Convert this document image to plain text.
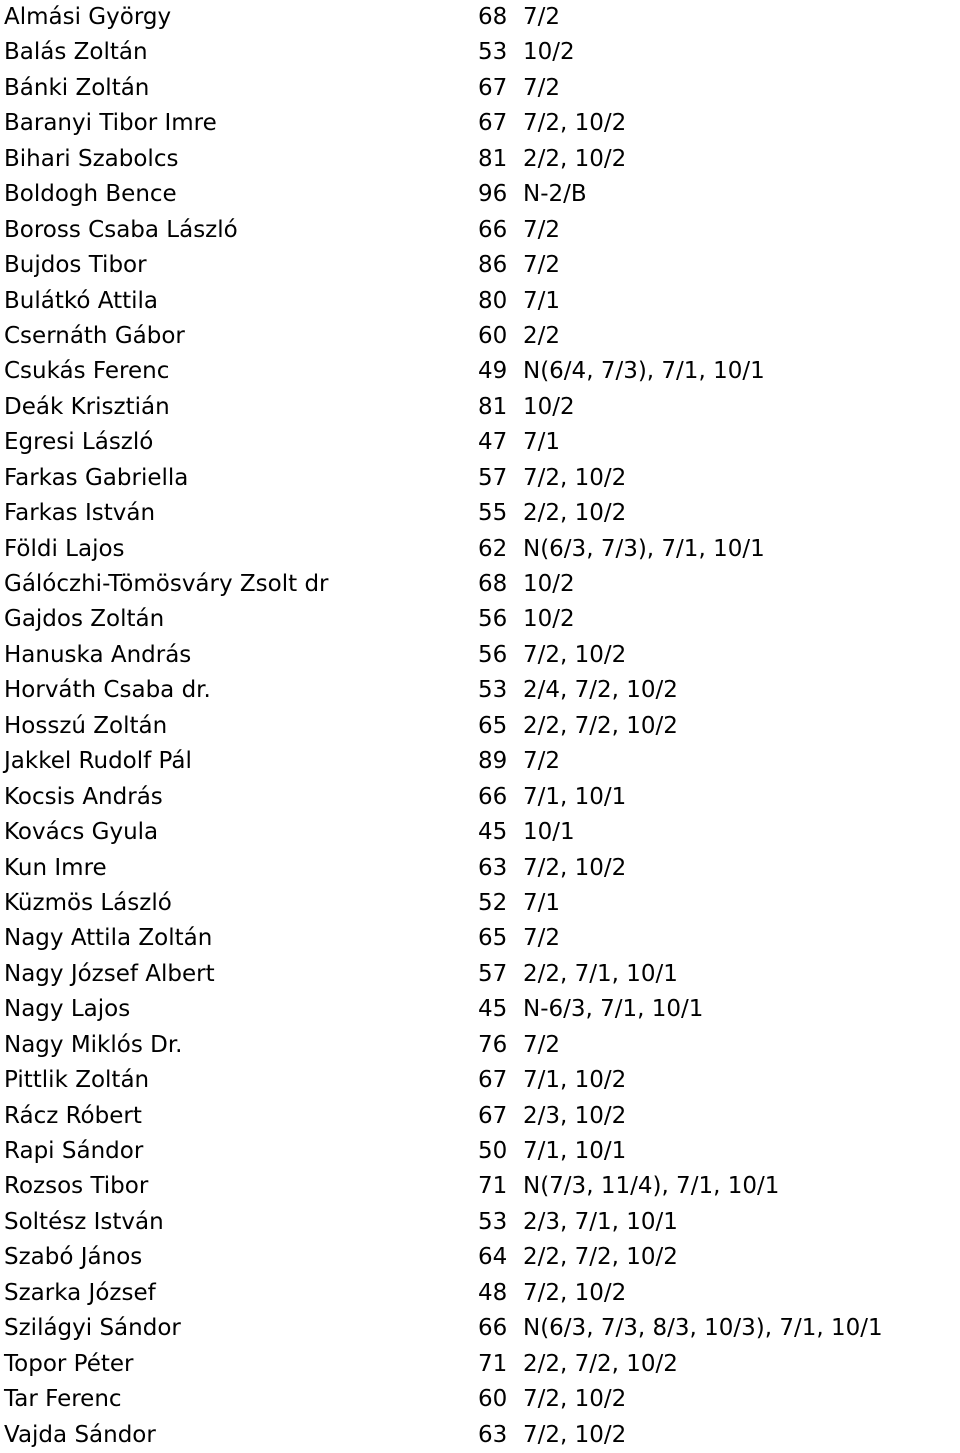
Almási György	68 7/2
Balás Zoltán	53 10/2
Bánki Zoltán	67 7/2
Baranyi Tibor Imre	67 7/2, 10/2
Bihari Szabolcs	81 2/2, 10/2
Boldogh Bence	96 N-2/B
Boross Csaba László	66 7/2
Bujdos Tibor	86 7/2
Bulátkó Attila	80 7/1
Csernáth Gábor	60 2/2
Csukás Ferenc	49 N(6/4, 7/3), 7/1, 10/1
Deák Krisztián	81 10/2
Egresi László	47 7/1
Farkas Gabriella	57 7/2, 10/2
Farkas István	55 2/2, 10/2
Földi Lajos	62 N(6/3, 7/3), 7/1, 10/1
Gálóczhi-Tömösváry Zsolt dr	68 10/2
Gajdos Zoltán	56 10/2
Hanuska András	56 7/2, 10/2
Horváth Csaba dr.	53 2/4, 7/2, 10/2
Hosszú Zoltán	65 2/2, 7/2, 10/2
Jakkel Rudolf Pál	89 7/2
Kocsis András	66 7/1, 10/1
Kovács Gyula	45 10/1
Kun Imre	63 7/2, 10/2
Küzmös László	52 7/1
Nagy Attila Zoltán	65 7/2
Nagy József Albert	57 2/2, 7/1, 10/1
Nagy Lajos	45 N-6/3, 7/1, 10/1
Nagy Miklós Dr.	76 7/2
Pittlik Zoltán	67 7/1, 10/2
Rácz Róbert	67 2/3, 10/2
Rapi Sándor	50 7/1, 10/1
Rozsos Tibor	71 N(7/3, 11/4), 7/1, 10/1
Soltész István	53 2/3, 7/1, 10/1
Szabó János	64 2/2, 7/2, 10/2
Szarka József	48 7/2, 10/2
Szilágyi Sándor	66 N(6/3, 7/3, 8/3, 10/3), 7/1, 10/1
Topor Péter	71 2/2, 7/2, 10/2
Tar Ferenc	60 7/2, 10/2
Vajda Sándor	63 7/2, 10/2
